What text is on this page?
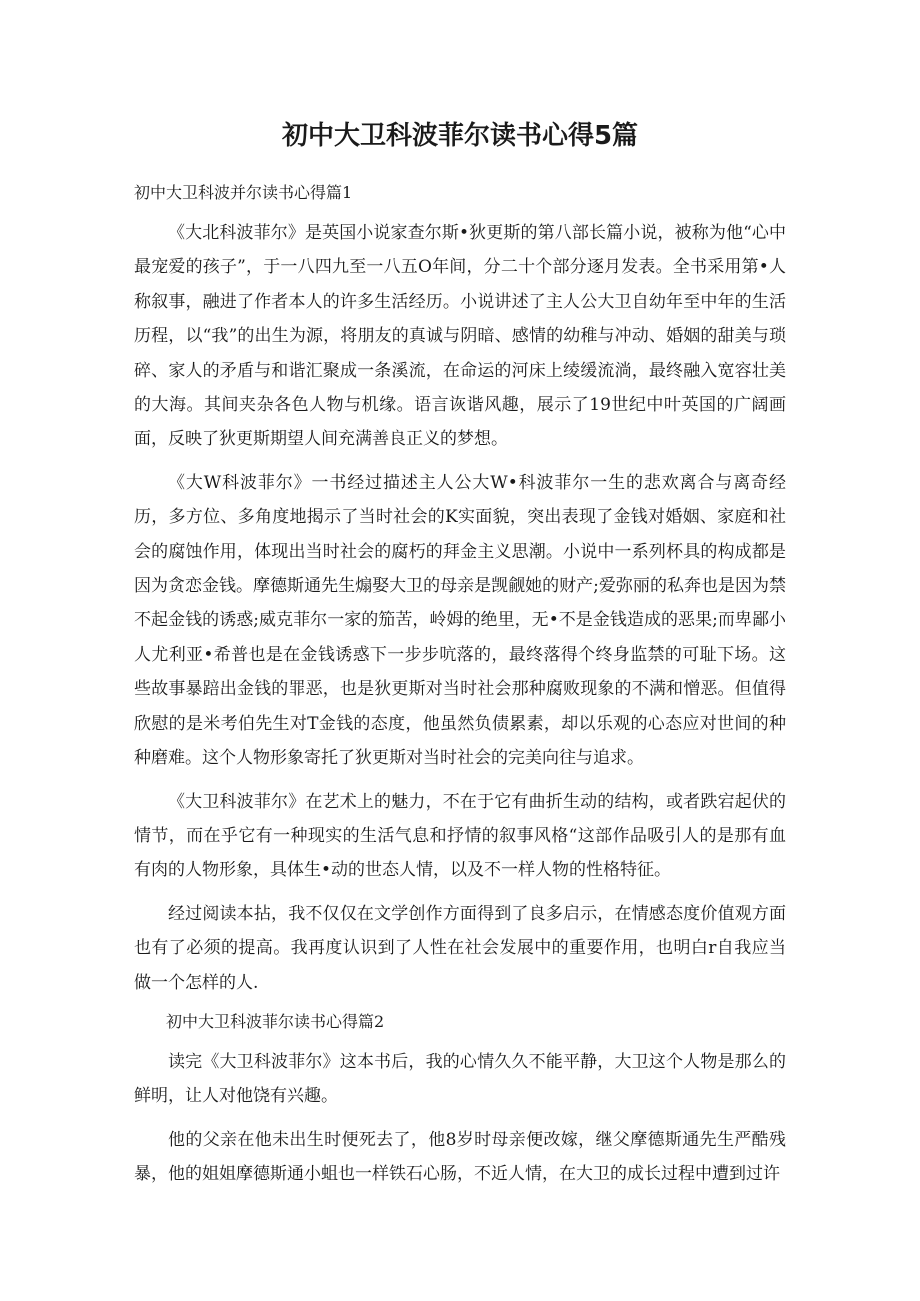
初中大卫科波菲尔读书心得5篇
初中大卫科波并尔读书心得篇1

《大北科波菲尔》是英国小说家查尔斯•狄更斯的第八部长篇小说，被称为他“心中最宠爱的孩子”，于一八四九至一八五O年间，分二十个部分逐月发表。全书采用第•人称叙事，融进了作者本人的许多生活经历。小说讲述了主人公大卫自幼年至中年的生活历程，以“我”的出生为源，将朋友的真诚与阴暗、感情的幼稚与冲动、婚姻的甜美与琐碎、家人的矛盾与和谐汇聚成一条溪流，在命运的河床上绫缓流淌，最终融入宽容壮美的大海。其间夹杂各色人物与机缘。语言诙谐风趣，展示了19世纪中叶英国的广阔画面，反映了狄更斯期望人间充满善良正义的梦想。

《大W科波菲尔》一书经过描述主人公大W•科波菲尔一生的悲欢离合与离奇经历，多方位、多角度地揭示了当时社会的K实面貌，突出表现了金钱对婚姻、家庭和社会的腐蚀作用，体现出当时社会的腐朽的拜金主义思潮。小说中一系列杯具的构成都是因为贪恋金钱。摩德斯通先生煽娶大卫的母亲是觊觎她的财产;爱弥丽的私奔也是因为禁不起金钱的诱惑;威克菲尔一家的笳苦，岭姆的绝里，无•不是金钱造成的恶果;而卑鄙小人尤利亚•希普也是在金钱诱惑下一步步吭落的，最终落得个终身监禁的可耻下场。这些故事暴踣出金钱的罪恶，也是狄更斯对当时社会那种腐败现象的不满和憎恶。但值得欣慰的是米考伯先生对T金钱的态度，他虽然负债累素，却以乐观的心态应对世间的种种磨难。这个人物形象寄托了狄更斯对当时社会的完美向往与追求。

《大卫科波菲尔》在艺术上的魅力，不在于它有曲折生动的结构，或者跌宕起伏的情节，而在乎它有一种现实的生活气息和抒情的叙事风格“这部作品吸引人的是那有血有肉的人物形象，具体生•动的世态人情，以及不一样人物的性格特征。

经过阅读本拈，我不仅仅在文学创作方面得到了良多启示，在情感态度价值观方面也有了必须的提高。我再度认识到了人性在社会发展中的重要作用，也明白r自我应当做一个怎样的人.

初中大卫科波菲尔读书心得篇2

读完《大卫科波菲尔》这本书后，我的心情久久不能平静，大卫这个人物是那么的鲜明，让人对他饶有兴趣。

他的父亲在他未出生时便死去了，他8岁时母亲便改嫁，继父摩德斯通先生严酷残暴，他的姐姐摩德斯通小蛆也一样铁石心肠，不近人情，在大卫的成长过程中遭到过许
